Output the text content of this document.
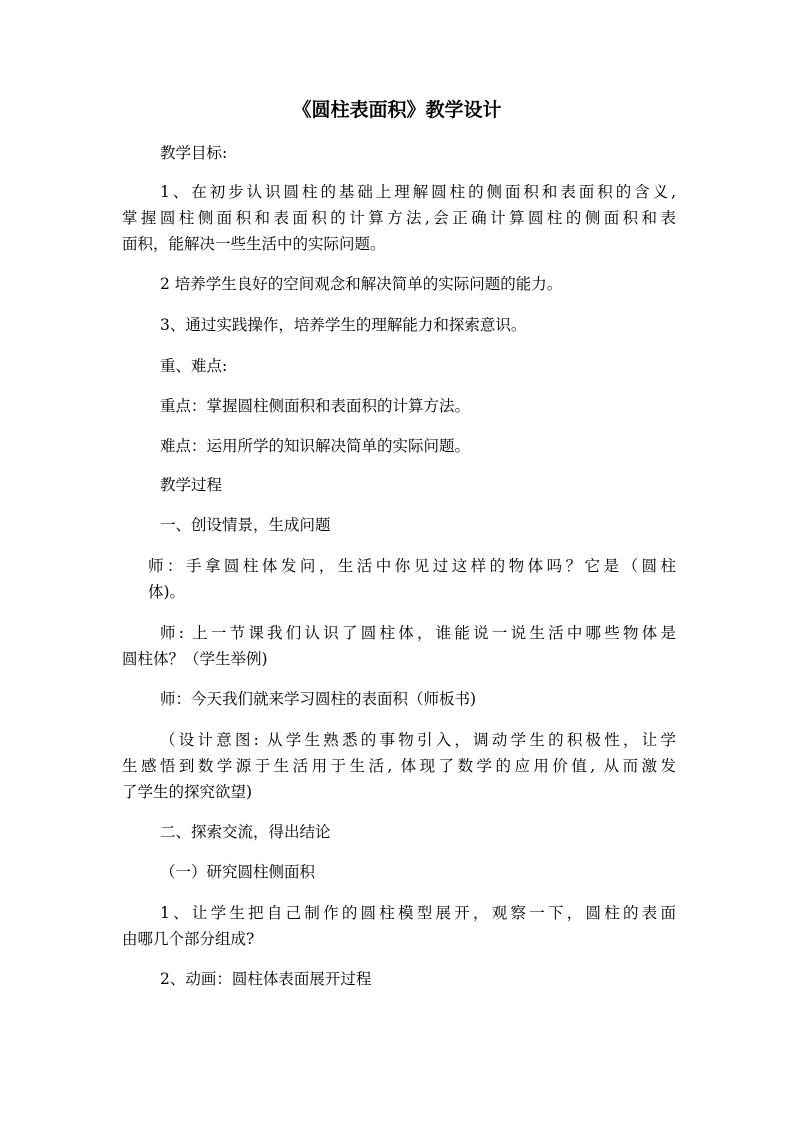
《圆柱表面积》教学设计
教学目标:
1、在初步认识圆柱的基础上理解圆柱的侧面积和表面积的含义,
掌握圆柱侧面积和表面积的计算方法,会正确计算圆柱的侧面积和表
面积，能解决一些生活中的实际问题。
2 培养学生良好的空间观念和解决简单的实际问题的能力。
3、通过实践操作，培养学生的理解能力和探索意识。
重、难点:
重点：掌握圆柱侧面积和表面积的计算方法。
难点：运用所学的知识解决简单的实际问题。
教学过程
一、创设情景，生成问题
师：手拿圆柱体发问，生活中你见过这样的物体吗？它是（圆柱
体)。
师: 上一节课我们认识了圆柱体，谁能说一说生活中哪些物体是
圆柱体？（学生举例)
师：今天我们就来学习圆柱的表面积（师板书)
（设计意图: 从学生熟悉的事物引入，调动学生的积极性，让学
生感悟到数学源于生活用于生活, 体现了数学的应用价值, 从而激发
了学生的探究欲望)
二、探索交流，得出结论
（一）研究圆柱侧面积
1、让学生把自己制作的圆柱模型展开，观察一下，圆柱的表面
由哪几个部分组成?
2、动画：圆柱体表面展开过程
